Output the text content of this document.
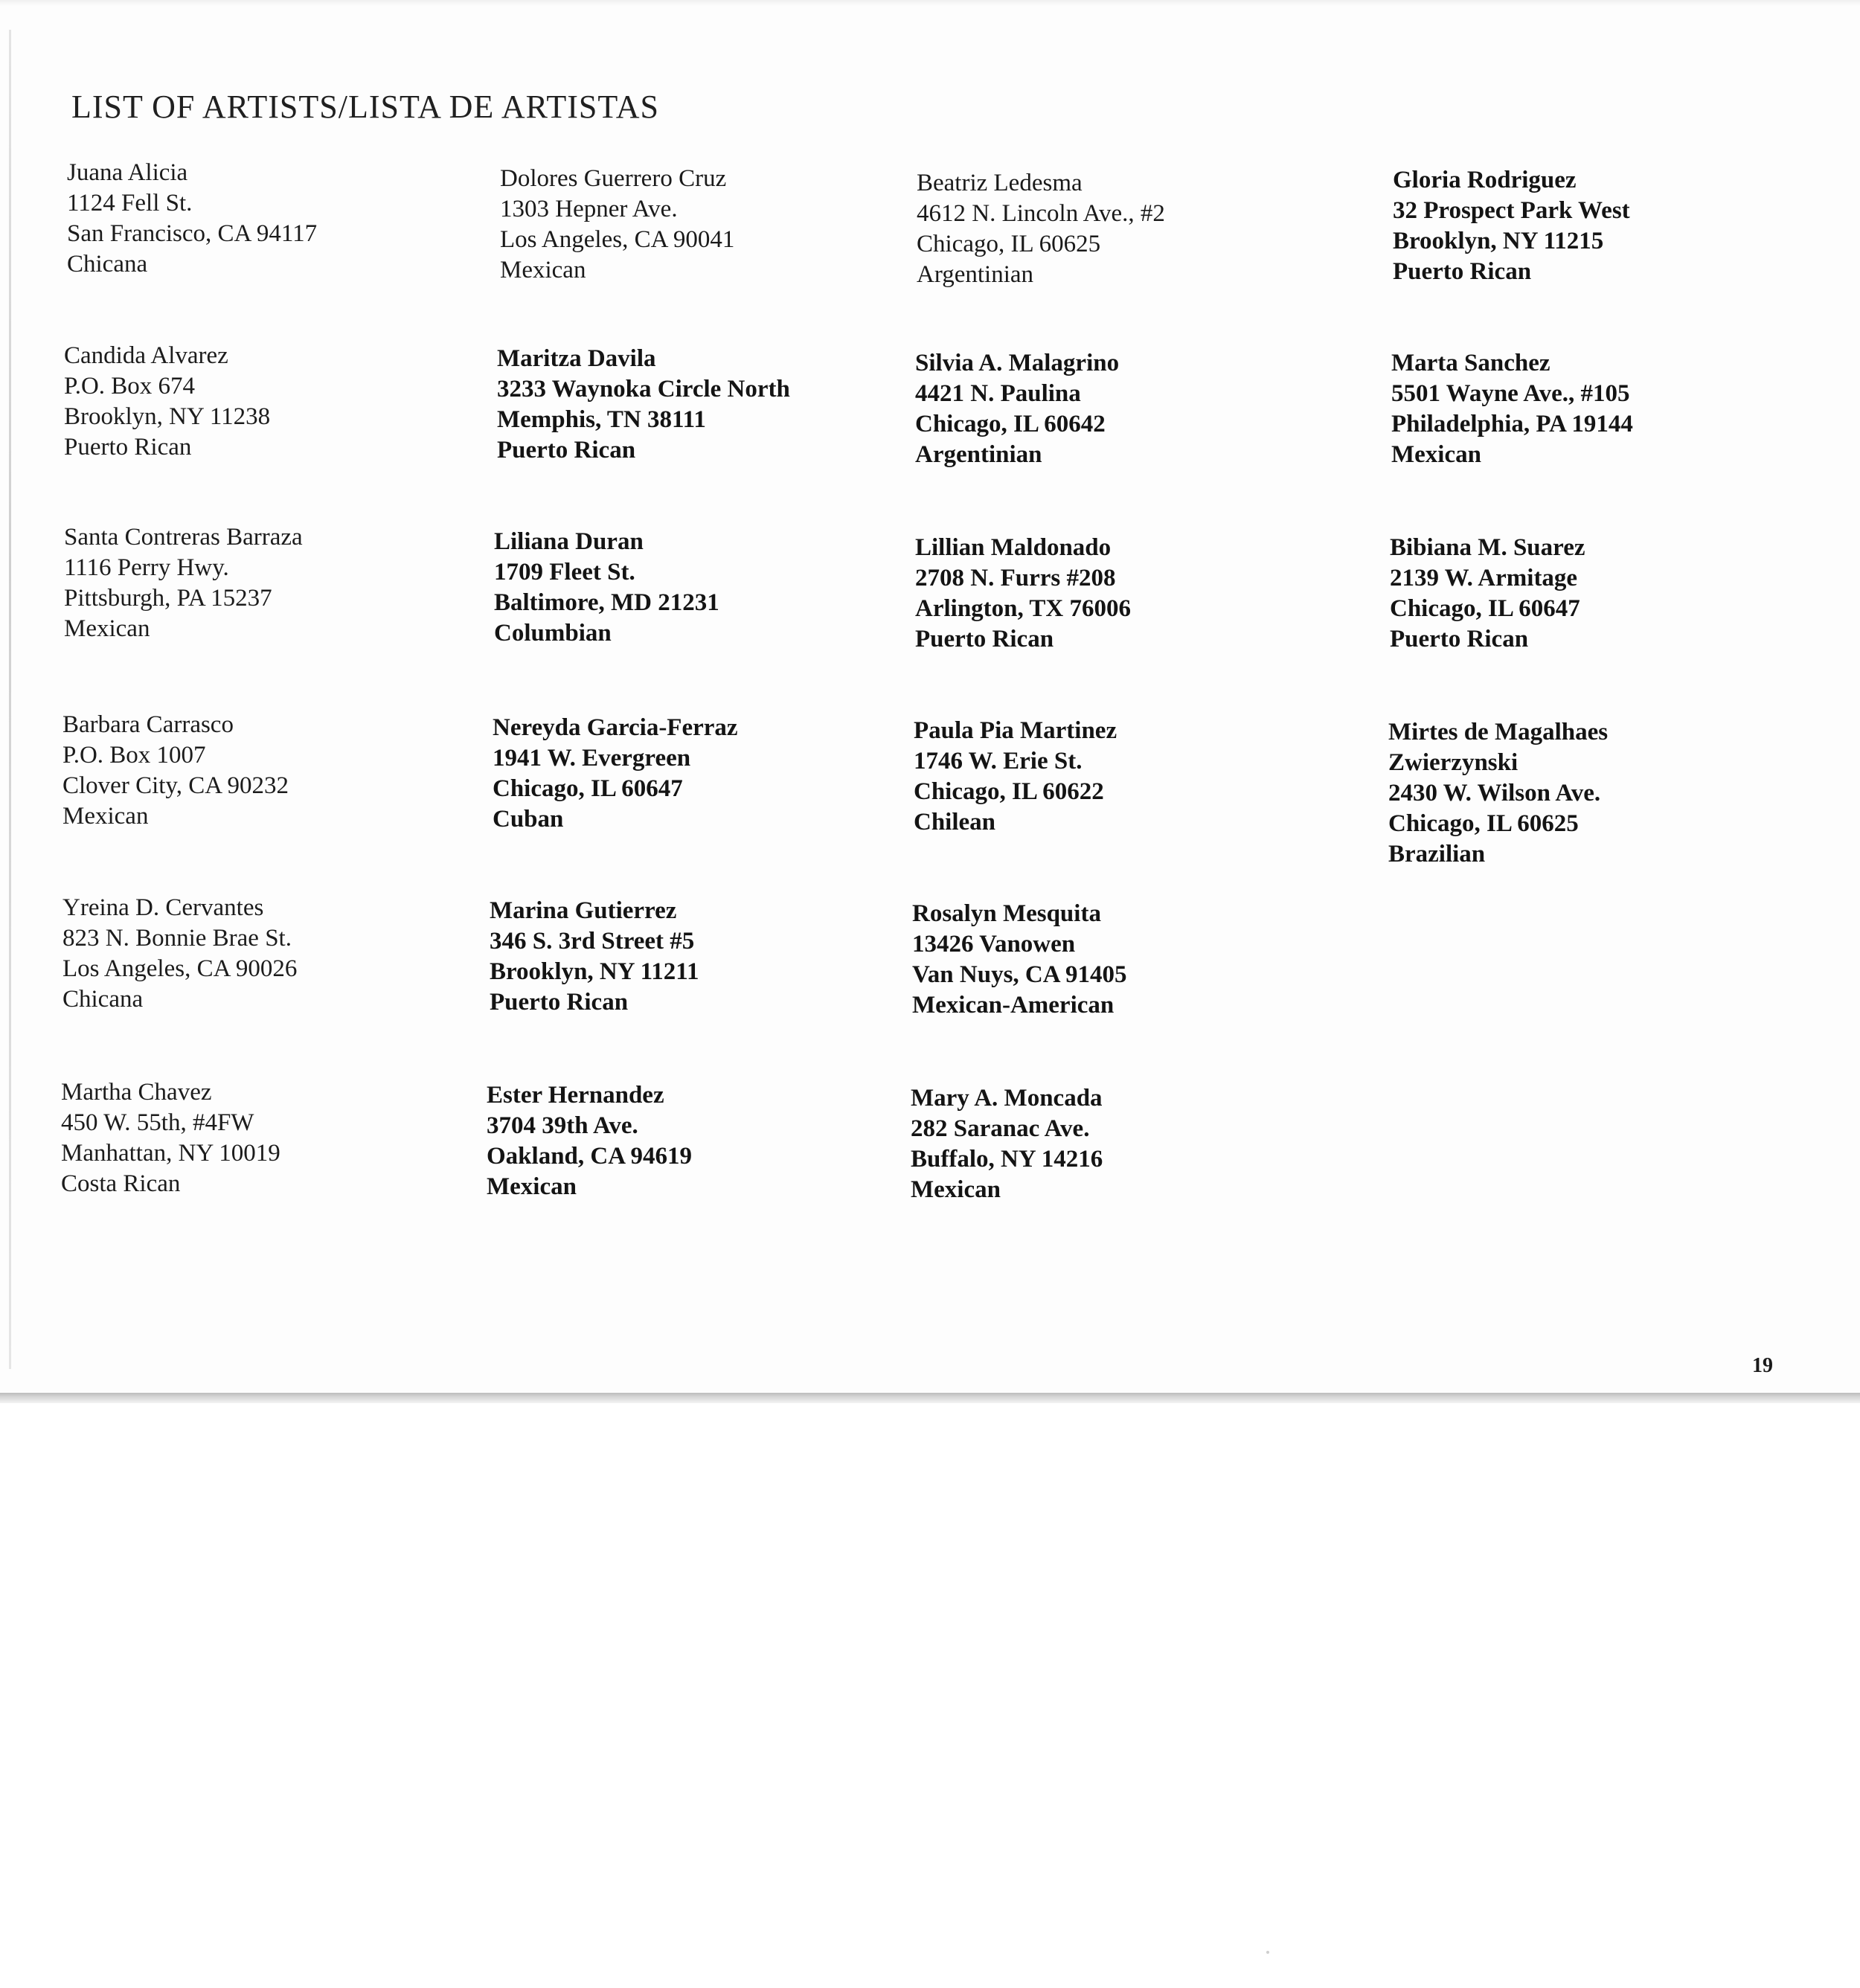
LIST OF ARTISTS/LISTA DE ARTISTAS
Juana Alicia
1124 Fell St.
San Francisco, CA 94117
Chicana
Candida Alvarez
P.O. Box 674
Brooklyn, NY 11238
Puerto Rican
Santa Contreras Barraza
1116 Perry Hwy.
Pittsburgh, PA 15237
Mexican
Barbara Carrasco
P.O. Box 1007
Clover City, CA 90232
Mexican
Yreina D. Cervantes
823 N. Bonnie Brae St.
Los Angeles, CA 90026
Chicana
Martha Chavez
450 W. 55th, #4FW
Manhattan, NY 10019
Costa Rican
Dolores Guerrero Cruz
1303 Hepner Ave.
Los Angeles, CA 90041
Mexican
Maritza Davila
3233 Waynoka Circle North
Memphis, TN 38111
Puerto Rican
Liliana Duran
1709 Fleet St.
Baltimore, MD 21231
Columbian
Nereyda Garcia-Ferraz
1941 W. Evergreen
Chicago, IL 60647
Cuban
Marina Gutierrez
346 S. 3rd Street #5
Brooklyn, NY 11211
Puerto Rican
Ester Hernandez
3704 39th Ave.
Oakland, CA 94619
Mexican
Beatriz Ledesma
4612 N. Lincoln Ave., #2
Chicago, IL 60625
Argentinian
Silvia A. Malagrino
4421 N. Paulina
Chicago, IL 60642
Argentinian
Lillian Maldonado
2708 N. Furrs #208
Arlington, TX 76006
Puerto Rican
Paula Pia Martinez
1746 W. Erie St.
Chicago, IL 60622
Chilean
Rosalyn Mesquita
13426 Vanowen
Van Nuys, CA 91405
Mexican-American
Mary A. Moncada
282 Saranac Ave.
Buffalo, NY 14216
Mexican
Gloria Rodriguez
32 Prospect Park West
Brooklyn, NY 11215
Puerto Rican
Marta Sanchez
5501 Wayne Ave., #105
Philadelphia, PA 19144
Mexican
Bibiana M. Suarez
2139 W. Armitage
Chicago, IL 60647
Puerto Rican
Mirtes de Magalhaes
Zwierzynski
2430 W. Wilson Ave.
Chicago, IL 60625
Brazilian
19
